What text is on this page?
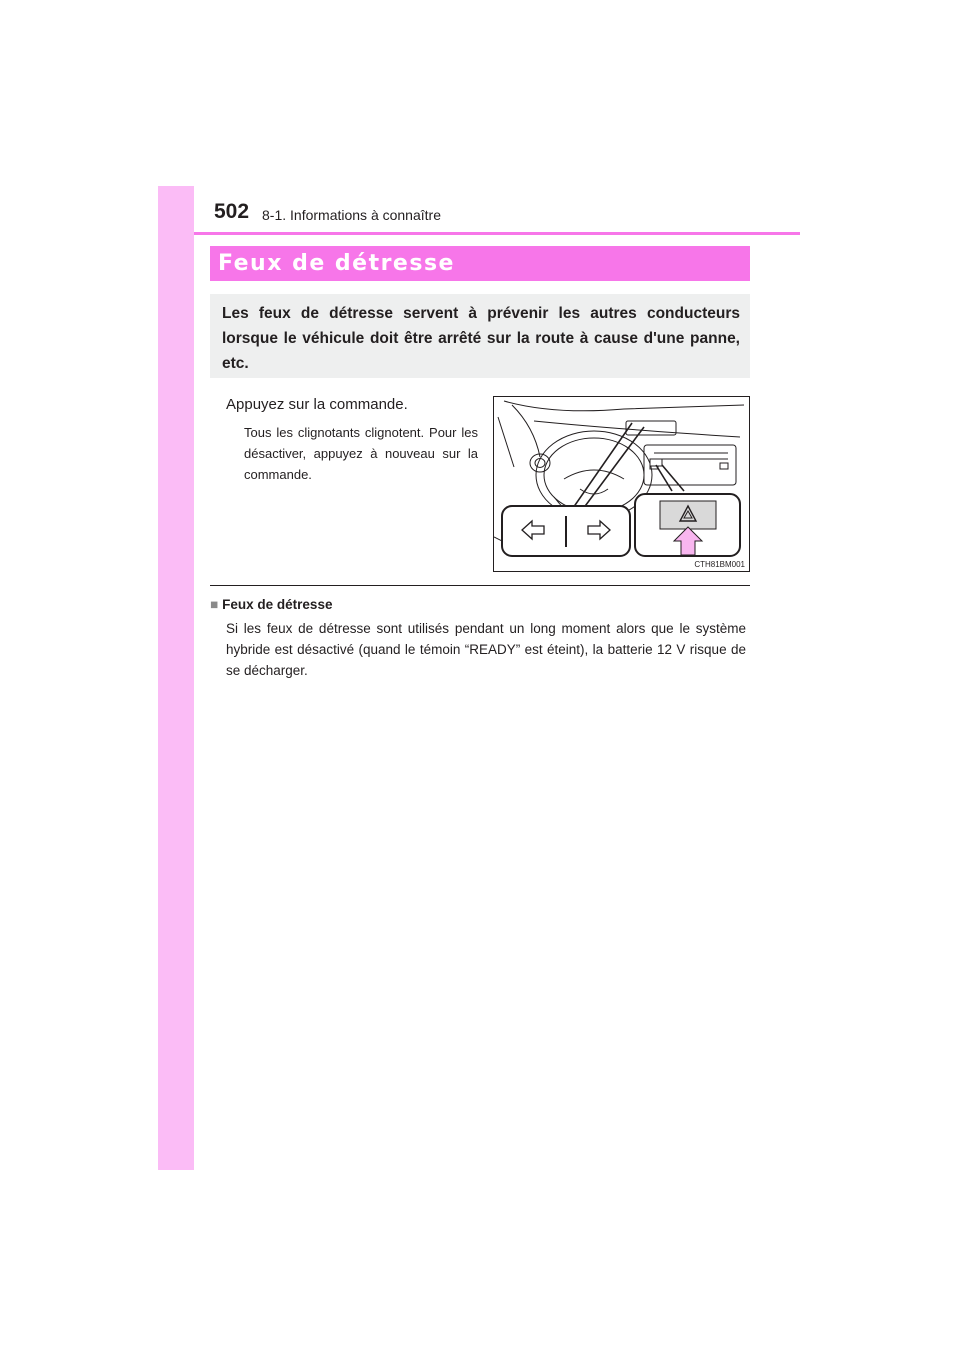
502 8-1. Informations à connaître
Feux de détresse
Les feux de détresse servent à prévenir les autres conducteurs lorsque le véhicule doit être arrêté sur la route à cause d'une panne, etc.
Appuyez sur la commande.
Tous les clignotants clignotent. Pour les désactiver, appuyez à nouveau sur la commande.
CTH81BM001
■ Feux de détresse
Si les feux de détresse sont utilisés pendant un long moment alors que le système hybride est désactivé (quand le témoin “READY” est éteint), la batterie 12 V risque de se décharger.
